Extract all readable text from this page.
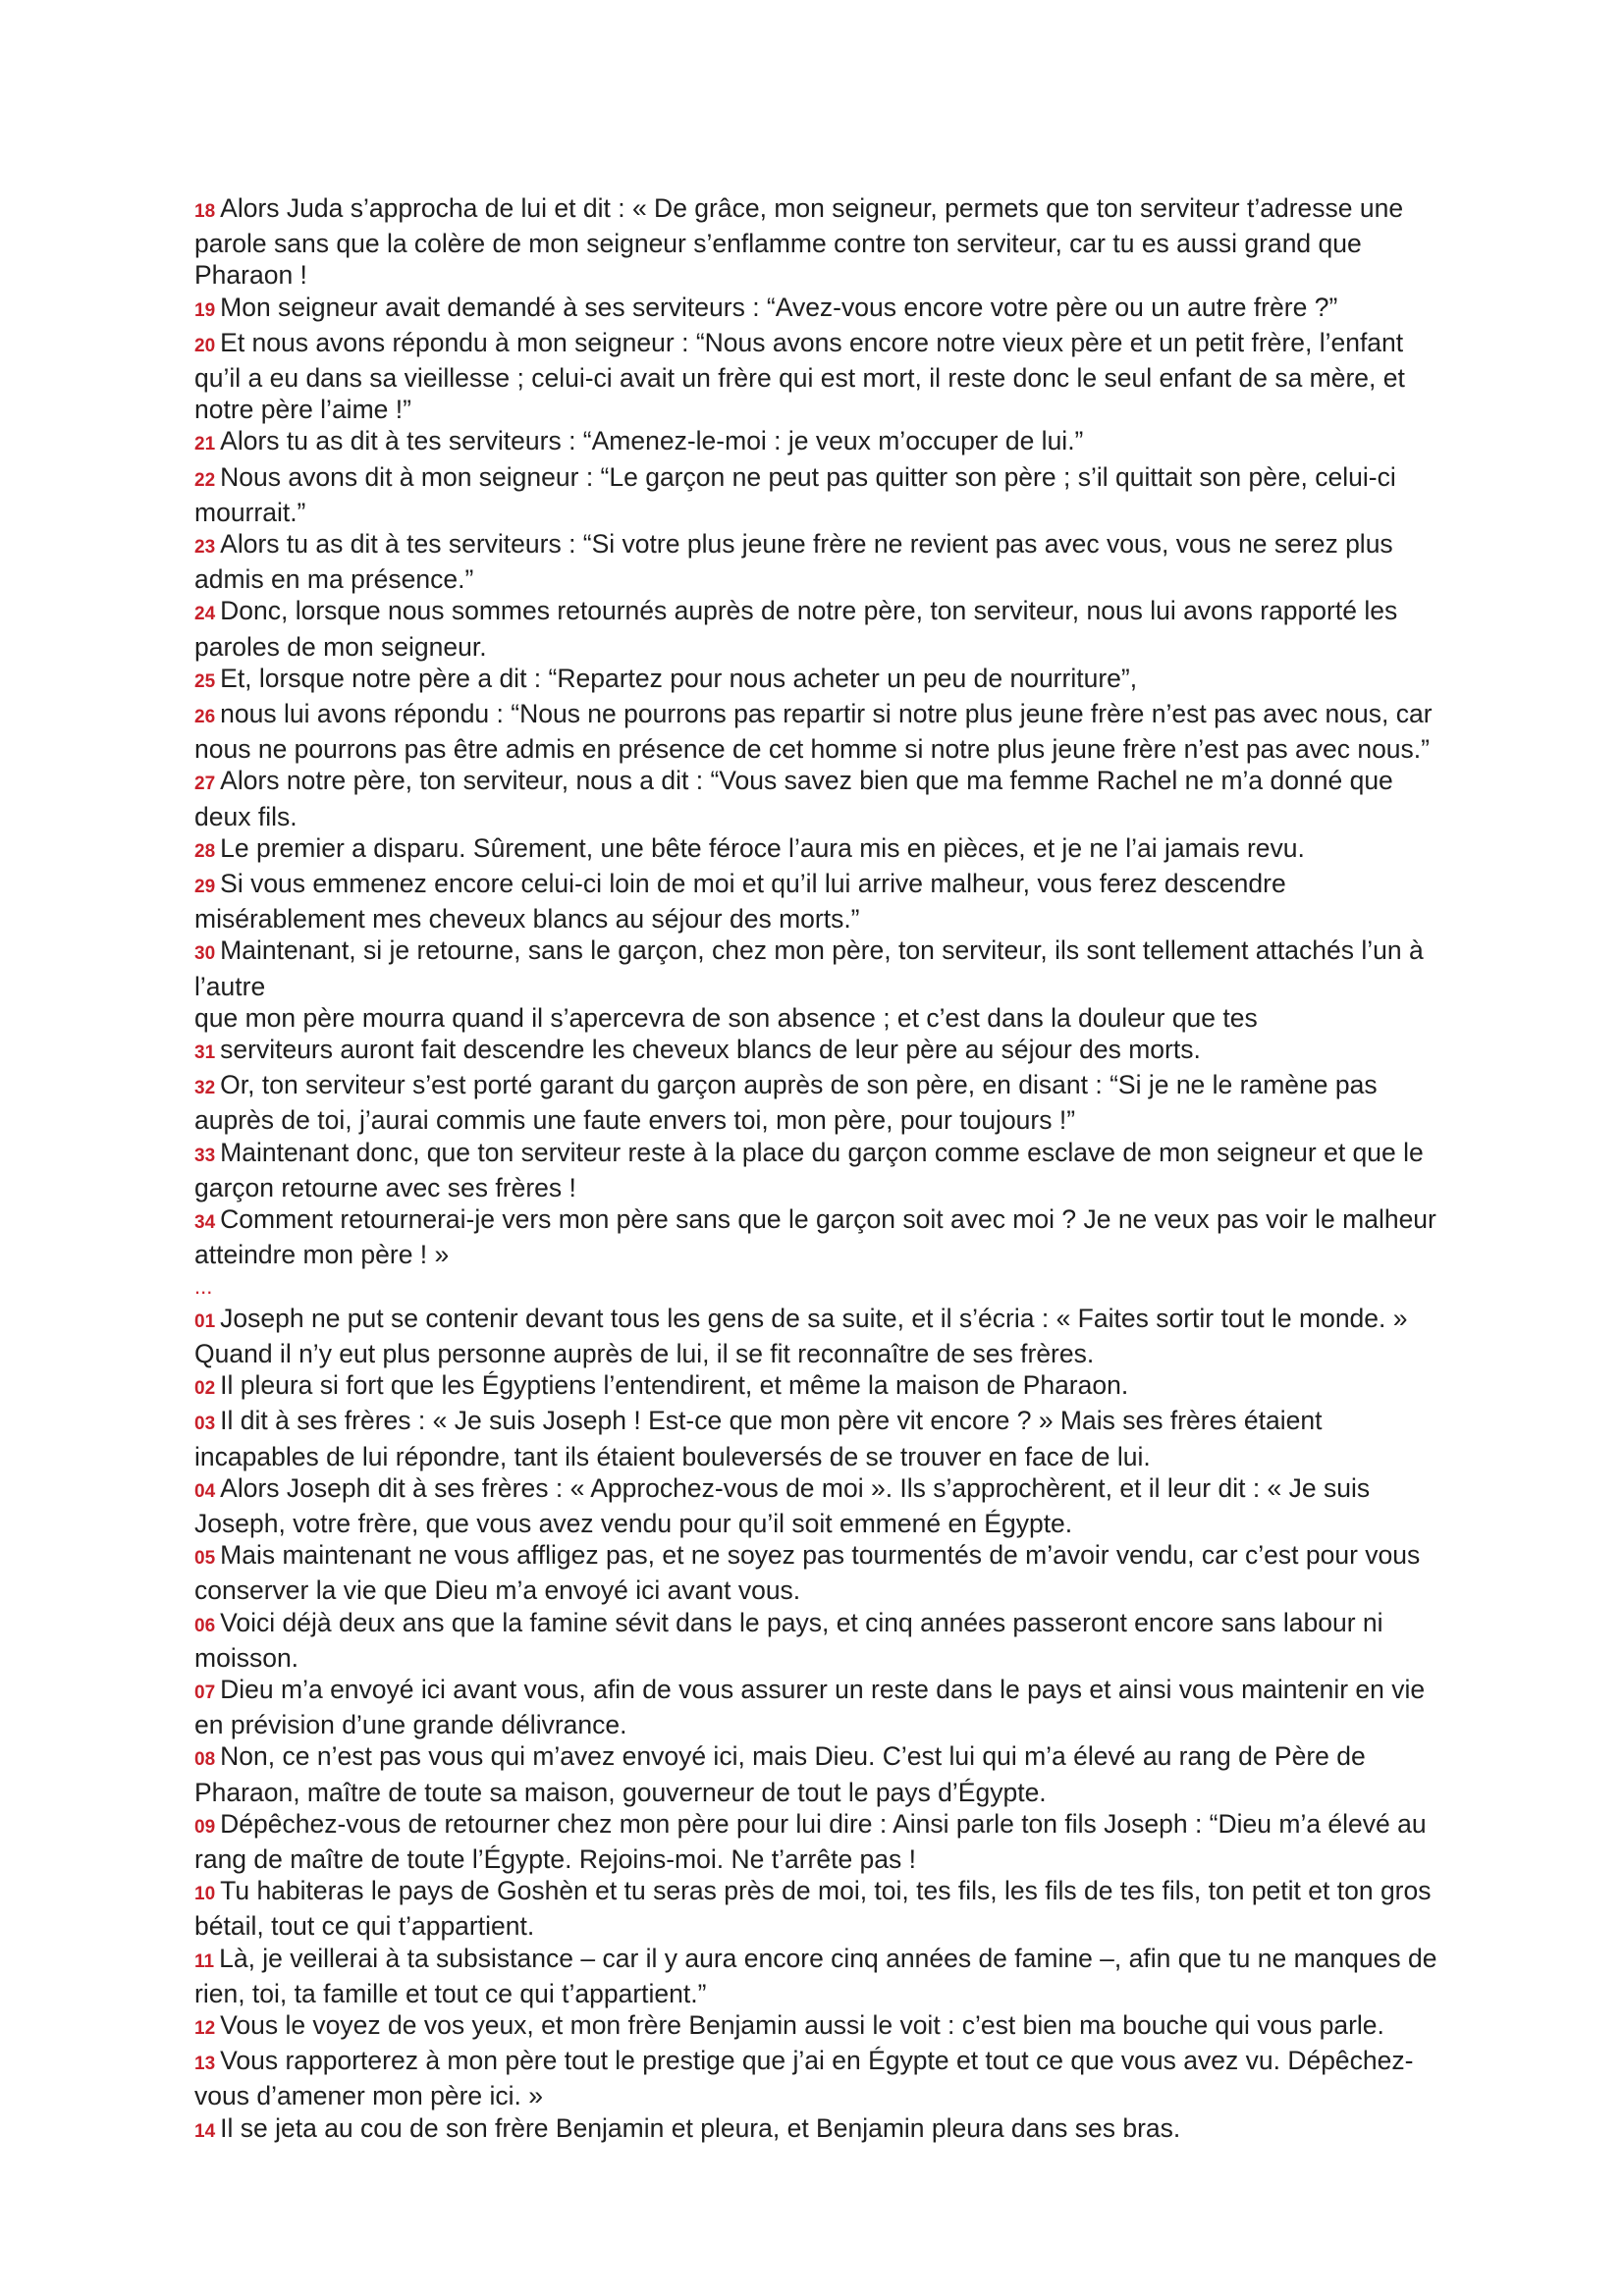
18 Alors Juda s’approcha de lui et dit : « De grâce, mon seigneur, permets que ton serviteur t’adresse une parole sans que la colère de mon seigneur s’enflamme contre ton serviteur, car tu es aussi grand que Pharaon !

19 Mon seigneur avait demandé à ses serviteurs : “Avez-vous encore votre père ou un autre frère ?”

20 Et nous avons répondu à mon seigneur : “Nous avons encore notre vieux père et un petit frère, l’enfant qu’il a eu dans sa vieillesse ; celui-ci avait un frère qui est mort, il reste donc le seul enfant de sa mère, et notre père l’aime !”

21 Alors tu as dit à tes serviteurs : “Amenez-le-moi : je veux m’occuper de lui.”

22 Nous avons dit à mon seigneur : “Le garçon ne peut pas quitter son père ; s’il quittait son père, celui-ci mourrait.”

23 Alors tu as dit à tes serviteurs : “Si votre plus jeune frère ne revient pas avec vous, vous ne serez plus admis en ma présence.”

24 Donc, lorsque nous sommes retournés auprès de notre père, ton serviteur, nous lui avons rapporté les paroles de mon seigneur.

25 Et, lorsque notre père a dit : “Repartez pour nous acheter un peu de nourriture”,

26 nous lui avons répondu : “Nous ne pourrons pas repartir si notre plus jeune frère n’est pas avec nous, car nous ne pourrons pas être admis en présence de cet homme si notre plus jeune frère n’est pas avec nous.”

27 Alors notre père, ton serviteur, nous a dit : “Vous savez bien que ma femme Rachel ne m’a donné que deux fils.

28 Le premier a disparu. Sûrement, une bête féroce l’aura mis en pièces, et je ne l’ai jamais revu.

29 Si vous emmenez encore celui-ci loin de moi et qu’il lui arrive malheur, vous ferez descendre misérablement mes cheveux blancs au séjour des morts.”

30 Maintenant, si je retourne, sans le garçon, chez mon père, ton serviteur, ils sont tellement attachés l’un à l’autre

que mon père mourra quand il s’apercevra de son absence ; et c’est dans la douleur que tes

31 serviteurs auront fait descendre les cheveux blancs de leur père au séjour des morts.

32 Or, ton serviteur s’est porté garant du garçon auprès de son père, en disant : “Si je ne le ramène pas auprès de toi, j’aurai commis une faute envers toi, mon père, pour toujours !”

33 Maintenant donc, que ton serviteur reste à la place du garçon comme esclave de mon seigneur et que le garçon retourne avec ses frères !

34 Comment retournerai-je vers mon père sans que le garçon soit avec moi ? Je ne veux pas voir le malheur atteindre mon père ! »

...

01 Joseph ne put se contenir devant tous les gens de sa suite, et il s’écria : « Faites sortir tout le monde. » Quand il n’y eut plus personne auprès de lui, il se fit reconnaître de ses frères.

02 Il pleura si fort que les Égyptiens l’entendirent, et même la maison de Pharaon.

03 Il dit à ses frères : « Je suis Joseph ! Est-ce que mon père vit encore ? » Mais ses frères étaient incapables de lui répondre, tant ils étaient bouleversés de se trouver en face de lui.

04 Alors Joseph dit à ses frères : « Approchez-vous de moi ». Ils s’approchèrent, et il leur dit : « Je suis Joseph, votre frère, que vous avez vendu pour qu’il soit emmené en Égypte.

05 Mais maintenant ne vous affligez pas, et ne soyez pas tourmentés de m’avoir vendu, car c’est pour vous conserver la vie que Dieu m’a envoyé ici avant vous.

06 Voici déjà deux ans que la famine sévit dans le pays, et cinq années passeront encore sans labour ni moisson.

07 Dieu m’a envoyé ici avant vous, afin de vous assurer un reste dans le pays et ainsi vous maintenir en vie en prévision d’une grande délivrance.

08 Non, ce n’est pas vous qui m’avez envoyé ici, mais Dieu. C’est lui qui m’a élevé au rang de Père de Pharaon, maître de toute sa maison, gouverneur de tout le pays d’Égypte.

09 Dépêchez-vous de retourner chez mon père pour lui dire : Ainsi parle ton fils Joseph : “Dieu m’a élevé au rang de maître de toute l’Égypte. Rejoins-moi. Ne t’arrête pas !

10 Tu habiteras le pays de Goshèn et tu seras près de moi, toi, tes fils, les fils de tes fils, ton petit et ton gros bétail, tout ce qui t’appartient.

11 Là, je veillerai à ta subsistance – car il y aura encore cinq années de famine –, afin que tu ne manques de rien, toi, ta famille et tout ce qui t’appartient.”

12 Vous le voyez de vos yeux, et mon frère Benjamin aussi le voit : c’est bien ma bouche qui vous parle.

13 Vous rapporterez à mon père tout le prestige que j’ai en Égypte et tout ce que vous avez vu. Dépêchez-vous d’amener mon père ici. »

14 Il se jeta au cou de son frère Benjamin et pleura, et Benjamin pleura dans ses bras.
